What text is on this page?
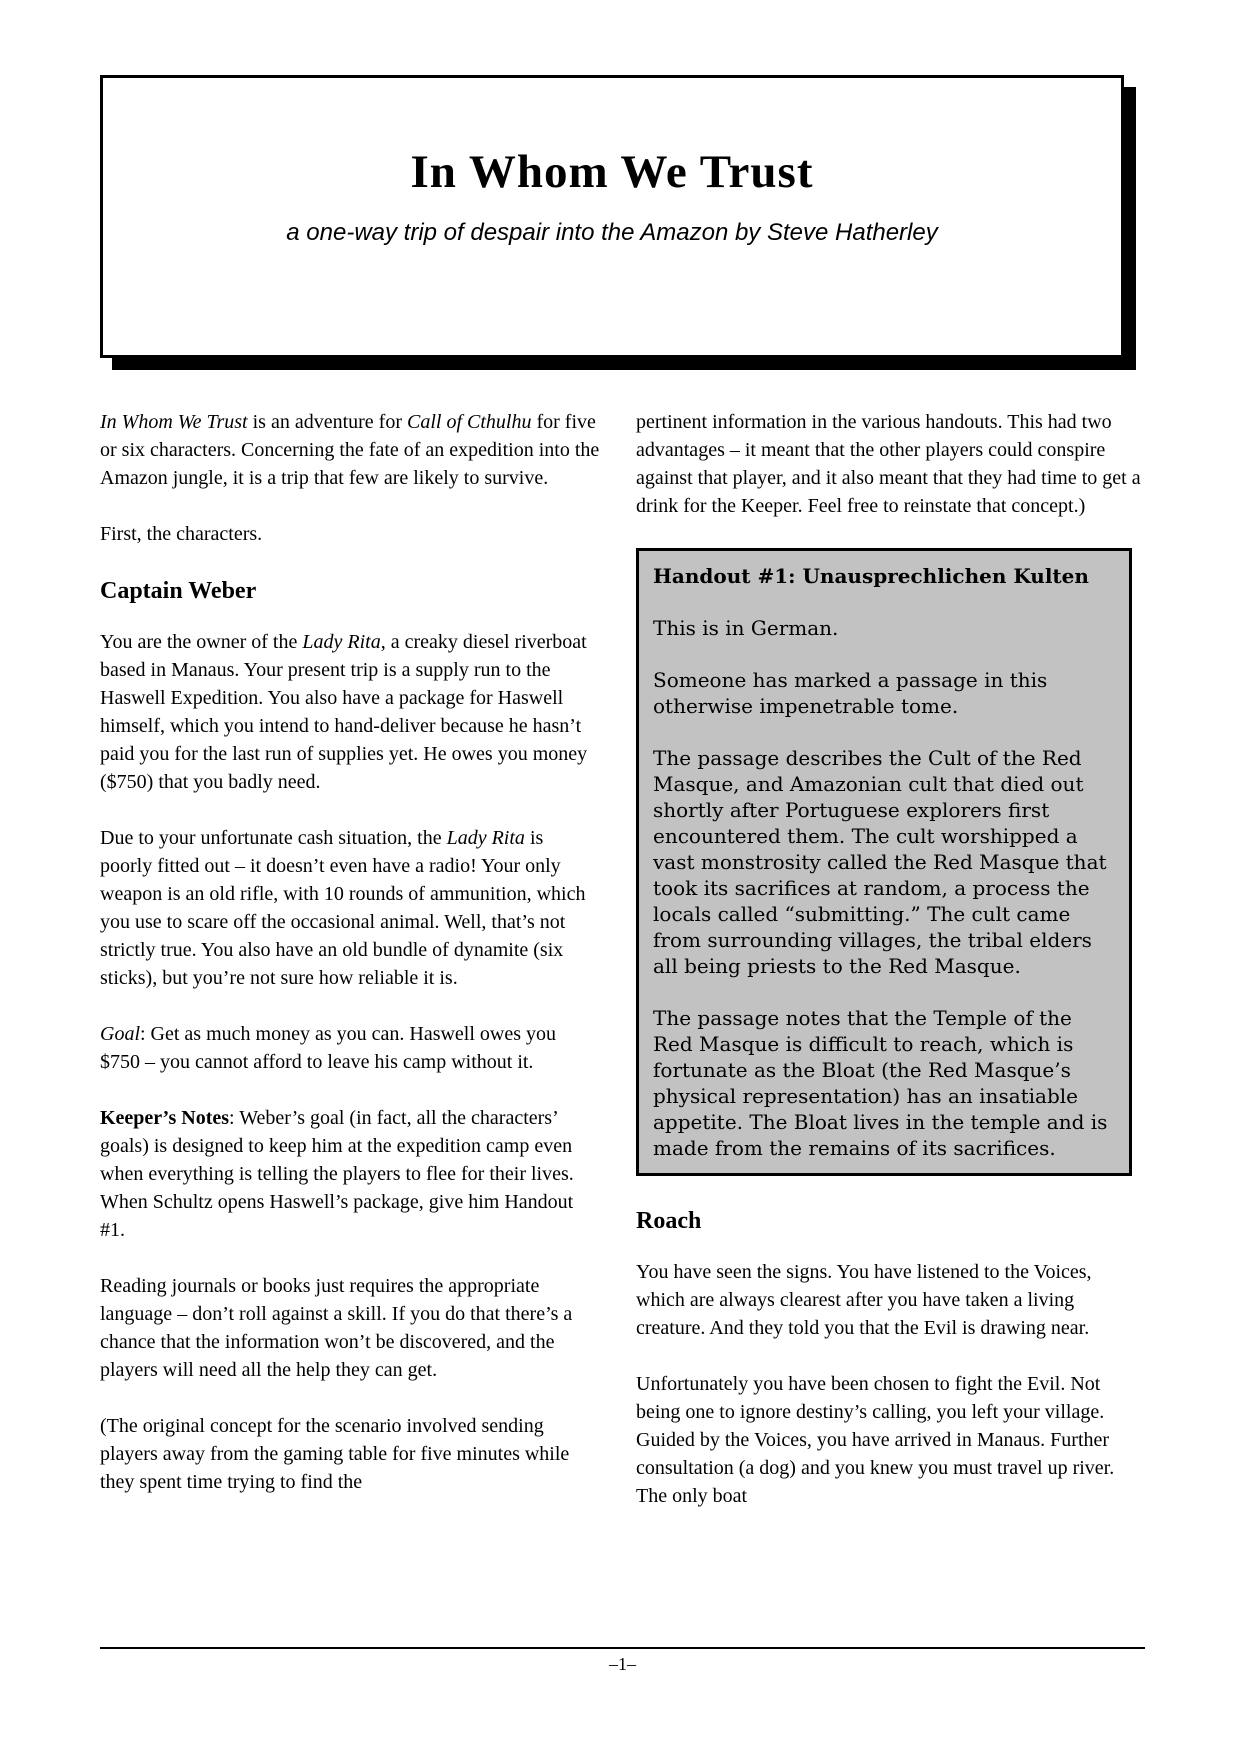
In Whom We Trust

a one-way trip of despair into the Amazon by Steve Hatherley

In Whom We Trust is an adventure for Call of Cthulhu for five or six characters. Concerning the fate of an expedition into the Amazon jungle, it is a trip that few are likely to survive.

First, the characters.

Captain Weber

You are the owner of the Lady Rita, a creaky diesel riverboat based in Manaus. Your present trip is a supply run to the Haswell Expedition. You also have a package for Haswell himself, which you intend to hand-deliver because he hasn’t paid you for the last run of supplies yet. He owes you money ($750) that you badly need.

Due to your unfortunate cash situation, the Lady Rita is poorly fitted out – it doesn’t even have a radio! Your only weapon is an old rifle, with 10 rounds of ammunition, which you use to scare off the occasional animal. Well, that’s not strictly true. You also have an old bundle of dynamite (six sticks), but you’re not sure how reliable it is.

Goal: Get as much money as you can. Haswell owes you $750 – you cannot afford to leave his camp without it.

Keeper’s Notes: Weber’s goal (in fact, all the characters’ goals) is designed to keep him at the expedition camp even when everything is telling the players to flee for their lives. When Schultz opens Haswell’s package, give him Handout #1.

Reading journals or books just requires the appropriate language – don’t roll against a skill. If you do that there’s a chance that the information won’t be discovered, and the players will need all the help they can get.

(The original concept for the scenario involved sending players away from the gaming table for five minutes while they spent time trying to find the

pertinent information in the various handouts. This had two advantages – it meant that the other players could conspire against that player, and it also meant that they had time to get a drink for the Keeper. Feel free to reinstate that concept.)

Handout #1: Unausprechlichen Kulten

This is in German.

Someone has marked a passage in this otherwise impenetrable tome.

The passage describes the Cult of the Red Masque, and Amazonian cult that died out shortly after Portuguese explorers first encountered them. The cult worshipped a vast monstrosity called the Red Masque that took its sacrifices at random, a process the locals called “submitting.” The cult came from surrounding villages, the tribal elders all being priests to the Red Masque.

The passage notes that the Temple of the Red Masque is difficult to reach, which is fortunate as the Bloat (the Red Masque’s physical representation) has an insatiable appetite. The Bloat lives in the temple and is made from the remains of its sacrifices.

Roach

You have seen the signs. You have listened to the Voices, which are always clearest after you have taken a living creature. And they told you that the Evil is drawing near.

Unfortunately you have been chosen to fight the Evil. Not being one to ignore destiny’s calling, you left your village. Guided by the Voices, you have arrived in Manaus. Further consultation (a dog) and you knew you must travel up river. The only boat

–1–
